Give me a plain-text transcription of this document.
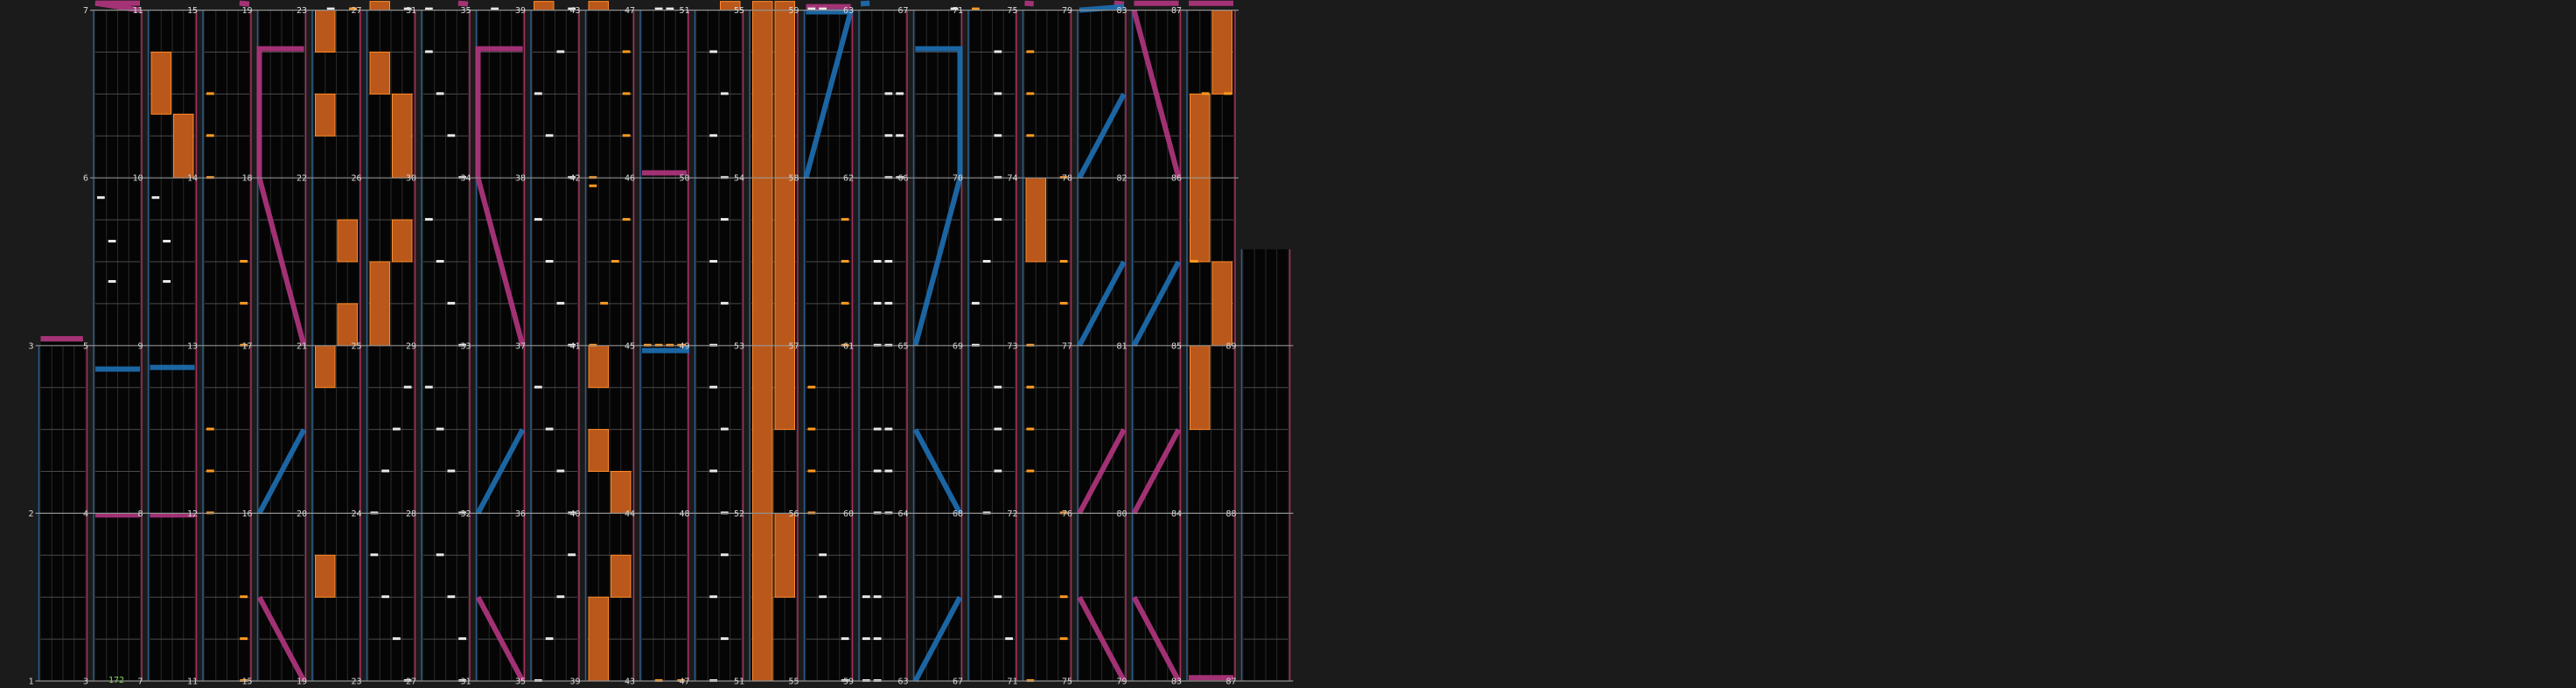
1
2
3
3
4
5
6
7
7
8
9
10
11
11
12
13
14
15
15
16
17
18
19
19
20
21
22
23
23
24
25
26
27
27
28
29
30
31
31
32
33
34
35
35
36
37
38
39
39
40
41
42
43
43
44
45
46
47
47
48
49
50
51
51
52
53
54
55
55
56
57
58
59
59
60
61
62
63
63
64
65
66
67
67
68
69
70
71
71
72
73
74
75
75
76
77
78
79
79
80
81
82
83
83
84
85
86
87
87
88
89
172
